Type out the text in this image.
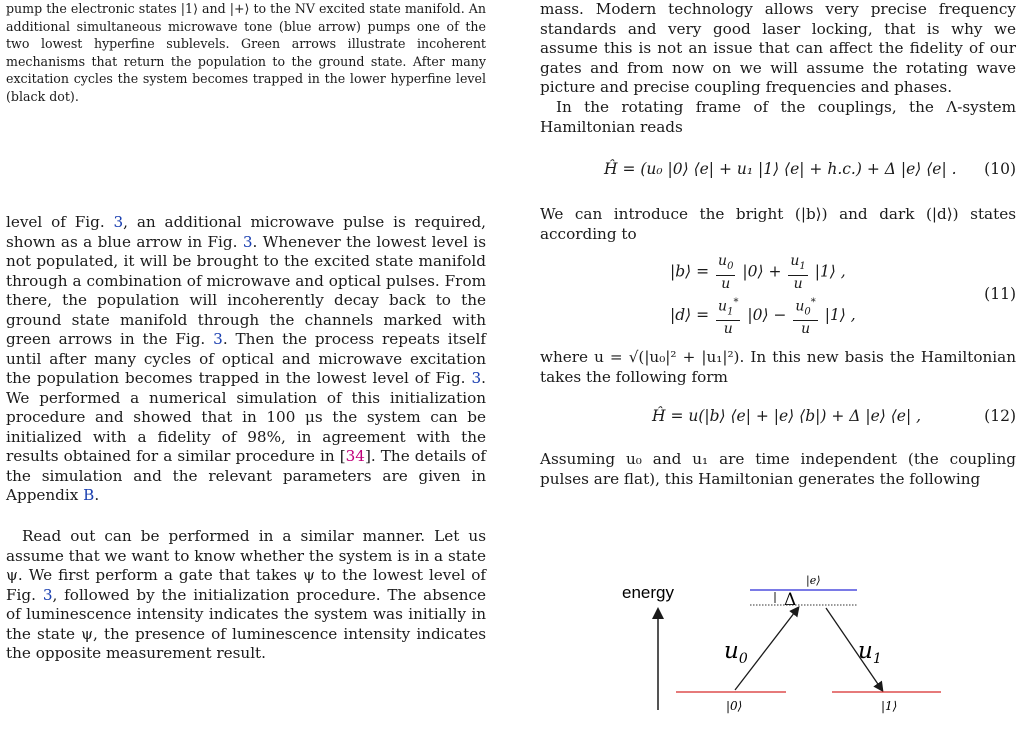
pump the electronic states |1⟩ and |+⟩ to the NV excited state manifold. An additional simultaneous microwave tone (blue arrow) pumps one of the two lowest hyperfine sublevels. Green arrows illustrate incoherent mechanisms that return the population to the ground state. After many excitation cycles the system becomes trapped in the lower hyperfine level (black dot).

level of Fig. 3, an additional microwave pulse is required, shown as a blue arrow in Fig. 3. Whenever the lowest level is not populated, it will be brought to the excited state manifold through a combination of microwave and optical pulses. From there, the population will incoherently decay back to the ground state manifold through the channels marked with green arrows in the Fig. 3. Then the process repeats itself until after many cycles of optical and microwave excitation the population becomes trapped in the lowest level of Fig. 3. We performed a numerical simulation of this initialization procedure and showed that in 100 μs the system can be initialized with a fidelity of 98%, in agreement with the results obtained for a similar procedure in [34]. The details of the simulation and the relevant parameters are given in Appendix B.

Read out can be performed in a similar manner. Let us assume that we want to know whether the system is in a state ψ. We first perform a gate that takes ψ to the lowest level of Fig. 3, followed by the initialization procedure. The absence of luminescence intensity indicates the system was initially in the state ψ, the presence of luminescence intensity indicates the opposite measurement result.

mass. Modern technology allows very precise frequency standards and very good laser locking, that is why we assume this is not an issue that can affect the fidelity of our gates and from now on we will assume the rotating wave picture and precise coupling frequencies and phases.

In the rotating frame of the couplings, the Λ-system Hamiltonian reads

Ĥ = (u₀ |0⟩ ⟨e| + u₁ |1⟩ ⟨e| + h.c.) + Δ |e⟩ ⟨e| . (10)

We can introduce the bright (|b⟩) and dark (|d⟩) states according to

|b⟩ = $\frac{u_0}{u}$ |0⟩ + $\frac{u_1}{u}$ |1⟩ ,
|d⟩ = $\frac{u_1^*}{u}$ |0⟩ − $\frac{u_0^*}{u}$ |1⟩ ,
(11)

where u = √(|u₀|² + |u₁|²). In this new basis the Hamiltonian takes the following form

Ĥ = u(|b⟩ ⟨e| + |e⟩ ⟨b|) + Δ |e⟩ ⟨e| ,	(12)

Assuming u₀ and u₁ are time independent (the coupling pulses are flat), this Hamiltonian generates the following

energy
|e⟩
Δ
$u_0$	$u_1$
|0⟩	|1⟩
